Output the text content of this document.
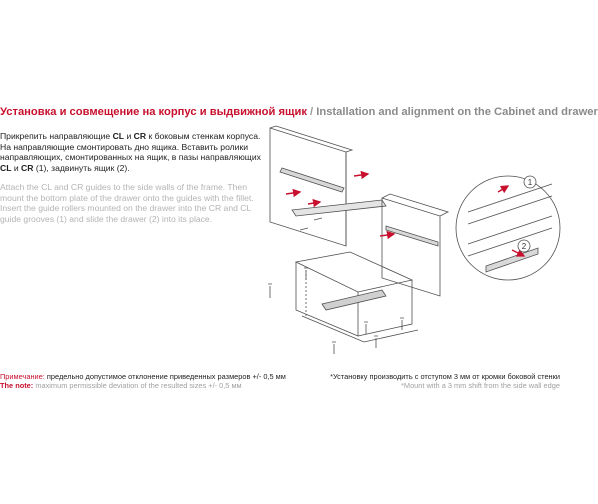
Установка и совмещение на корпус и выдвижной ящик / Installation and alignment on the Cabinet and drawer
Прикрепить направляющие CL и CR к боковым стенкам корпуса. На направляющие смонтировать дно ящика. Вставить ролики направляющих, смонтированных на ящик, в пазы направляющих CL и CR (1), задвинуть ящик (2).
Attach the CL and CR guides to the side walls of the frame. Then mount the bottom plate of the drawer onto the guides with the fillet. Insert the guide rollers mounted on the drawer into the CR and CL guide grooves (1) and slide the drawer (2) into its place.
Примечание: предельно допустимое отклонение приведенных размеров +/- 0,5 мм
The note: maximum permissible deviation of the resulted sizes +/- 0,5 мм
*Установку производить с отступом 3 мм от кромки боковой стенки
*Mount with a 3 mm shift from the side wall edge
1
2
